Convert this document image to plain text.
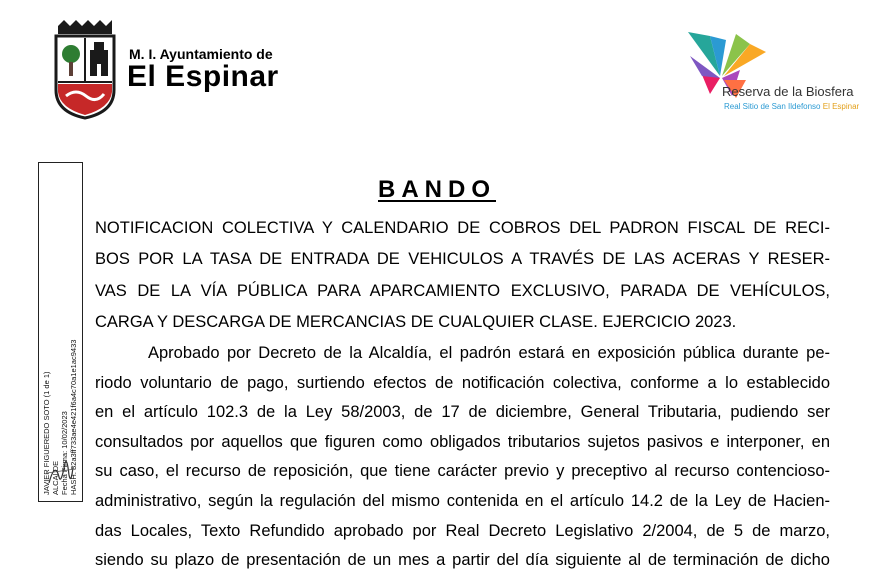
M. I. Ayuntamiento de
El Espinar	Reserva de la Biosfera
Real Sitio de San Ildefonso El Espinar
JAVIER FIGUEREDO SOTO (1 de 1) ALCALDE Fecha Firma: 10/02/2023 HASH: 82a3ff733ae4e421f6a4c70a1e1ac9433
BANDO
NOTIFICACION COLECTIVA Y CALENDARIO DE COBROS DEL PADRON FISCAL DE RECI-
BOS POR LA TASA DE ENTRADA DE VEHICULOS A TRAVÉS DE LAS ACERAS Y RESER-
VAS DE LA VÍA PÚBLICA PARA APARCAMIENTO EXCLUSIVO, PARADA DE VEHÍCULOS,
CARGA Y DESCARGA DE MERCANCIAS DE CUALQUIER CLASE. EJERCICIO 2023.
Aprobado por Decreto de la Alcaldía, el padrón estará en exposición pública durante pe-
riodo voluntario de pago, surtiendo efectos de notificación colectiva, conforme a lo establecido
en el artículo 102.3 de la Ley 58/2003, de 17 de diciembre, General Tributaria, pudiendo ser
consultados por aquellos que figuren como obligados tributarios sujetos pasivos e interponer, en
su caso, el recurso de reposición, que tiene carácter previo y preceptivo al recurso contencioso-
administrativo, según la regulación del mismo contenida en el artículo 14.2 de la Ley de Hacien-
das Locales, Texto Refundido aprobado por Real Decreto Legislativo 2/2004, de 5 de marzo,
siendo su plazo de presentación de un mes a partir del día siguiente al de terminación de dicho
